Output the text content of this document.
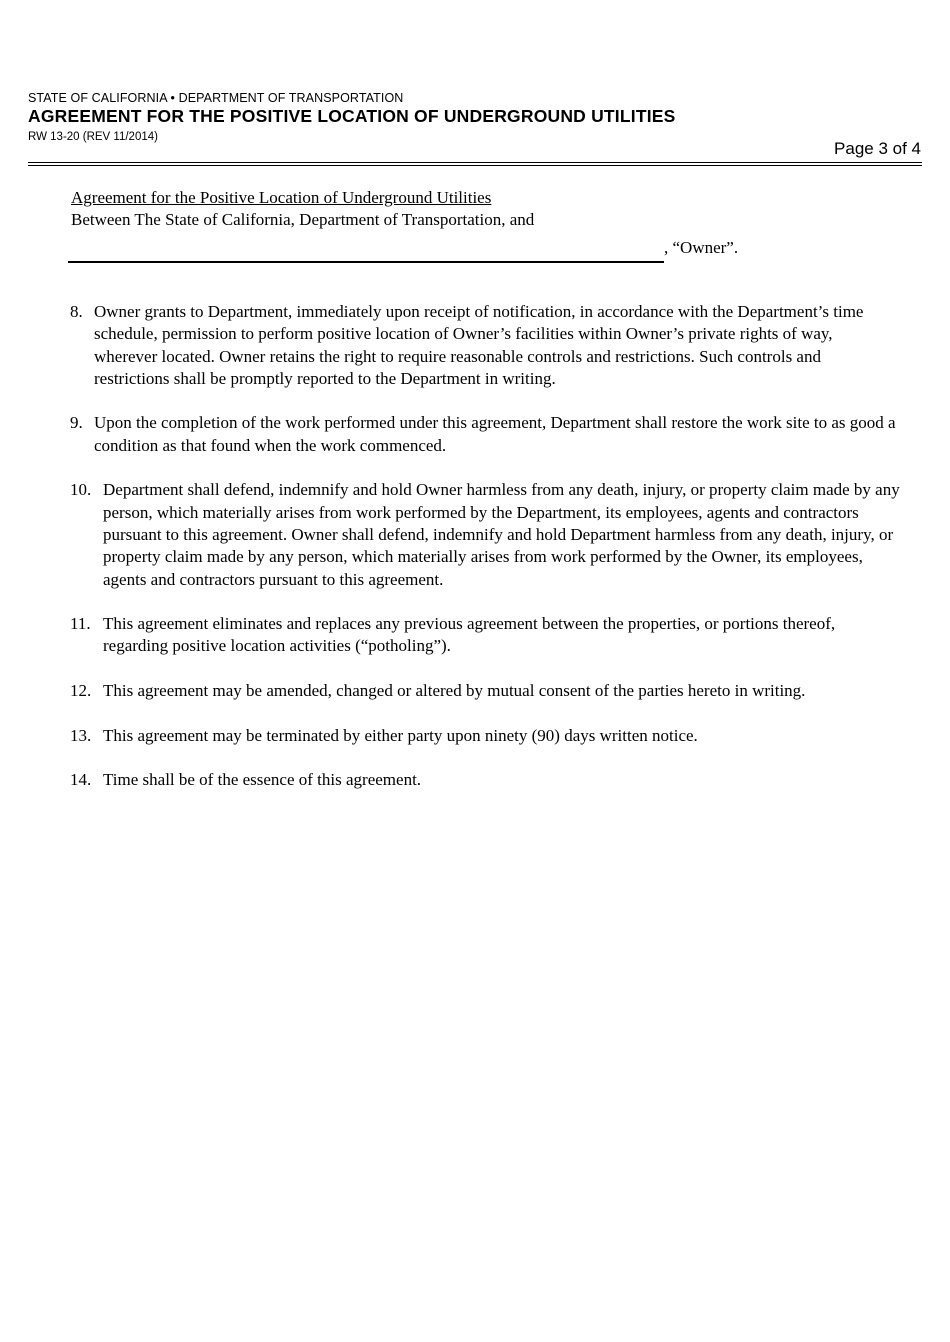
STATE OF CALIFORNIA • DEPARTMENT OF TRANSPORTATION
AGREEMENT FOR THE POSITIVE LOCATION OF UNDERGROUND UTILITIES
RW 13-20 (REV 11/2014)
Page 3 of 4
Agreement for the Positive Location of Underground Utilities
Between The State of California, Department of Transportation, and
, “Owner”.
8. Owner grants to Department, immediately upon receipt of notification, in accordance with the Department’s time schedule, permission to perform positive location of Owner’s facilities within Owner’s private rights of way, wherever located. Owner retains the right to require reasonable controls and restrictions. Such controls and restrictions shall be promptly reported to the Department in writing.
9. Upon the completion of the work performed under this agreement, Department shall restore the work site to as good a condition as that found when the work commenced.
10. Department shall defend, indemnify and hold Owner harmless from any death, injury, or property claim made by any person, which materially arises from work performed by the Department, its employees, agents and contractors pursuant to this agreement. Owner shall defend, indemnify and hold Department harmless from any death, injury, or property claim made by any person, which materially arises from work performed by the Owner, its employees, agents and contractors pursuant to this agreement.
11. This agreement eliminates and replaces any previous agreement between the properties, or portions thereof, regarding positive location activities (“potholing”).
12. This agreement may be amended, changed or altered by mutual consent of the parties hereto in writing.
13. This agreement may be terminated by either party upon ninety (90) days written notice.
14. Time shall be of the essence of this agreement.
